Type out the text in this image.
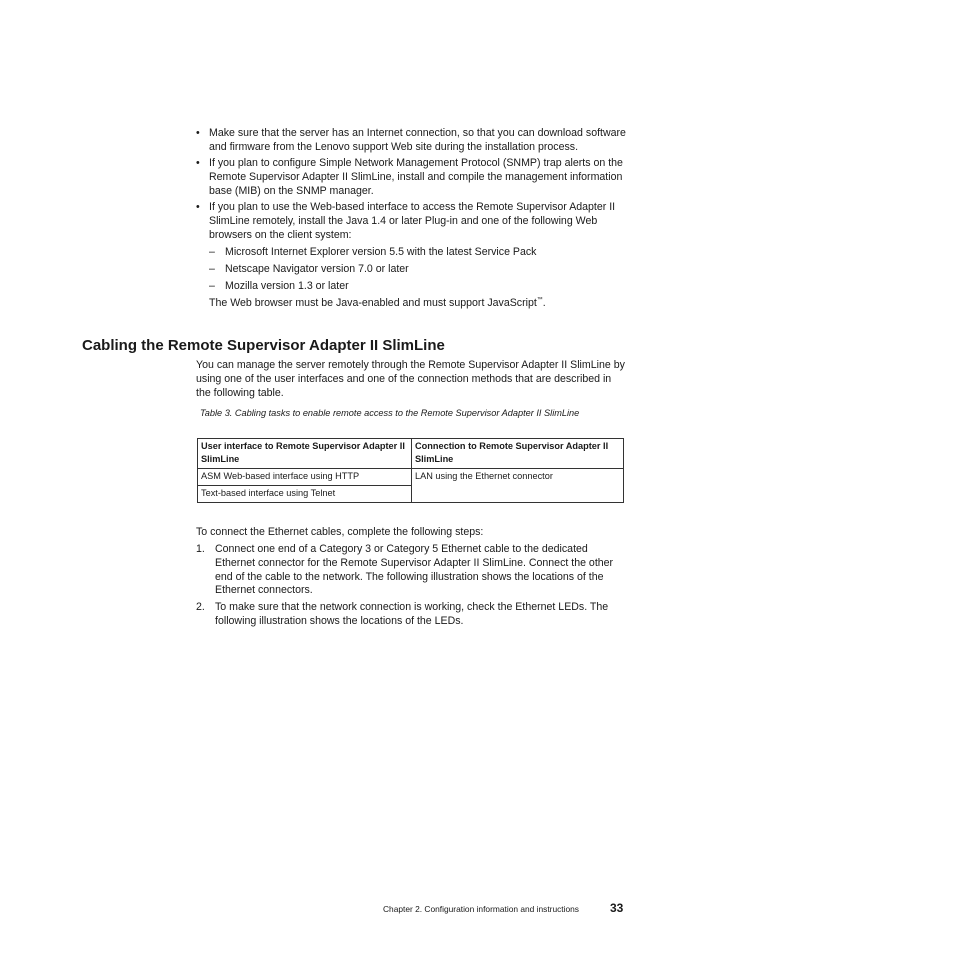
• Make sure that the server has an Internet connection, so that you can download software and firmware from the Lenovo support Web site during the installation process.
• If you plan to configure Simple Network Management Protocol (SNMP) trap alerts on the Remote Supervisor Adapter II SlimLine, install and compile the management information base (MIB) on the SNMP manager.
• If you plan to use the Web-based interface to access the Remote Supervisor Adapter II SlimLine remotely, install the Java 1.4 or later Plug-in and one of the following Web browsers on the client system:
– Microsoft Internet Explorer version 5.5 with the latest Service Pack
– Netscape Navigator version 7.0 or later
– Mozilla version 1.3 or later
The Web browser must be Java-enabled and must support JavaScript™.
Cabling the Remote Supervisor Adapter II SlimLine
You can manage the server remotely through the Remote Supervisor Adapter II SlimLine by using one of the user interfaces and one of the connection methods that are described in the following table.
Table 3. Cabling tasks to enable remote access to the Remote Supervisor Adapter II SlimLine
User interface to Remote Supervisor Adapter II SlimLine	Connection to Remote Supervisor Adapter II SlimLine
ASM Web-based interface using HTTP	LAN using the Ethernet connector
Text-based interface using Telnet	
To connect the Ethernet cables, complete the following steps:
1. Connect one end of a Category 3 or Category 5 Ethernet cable to the dedicated Ethernet connector for the Remote Supervisor Adapter II SlimLine. Connect the other end of the cable to the network. The following illustration shows the locations of the Ethernet connectors.
2. To make sure that the network connection is working, check the Ethernet LEDs. The following illustration shows the locations of the LEDs.
Chapter 2. Configuration information and instructions	33
